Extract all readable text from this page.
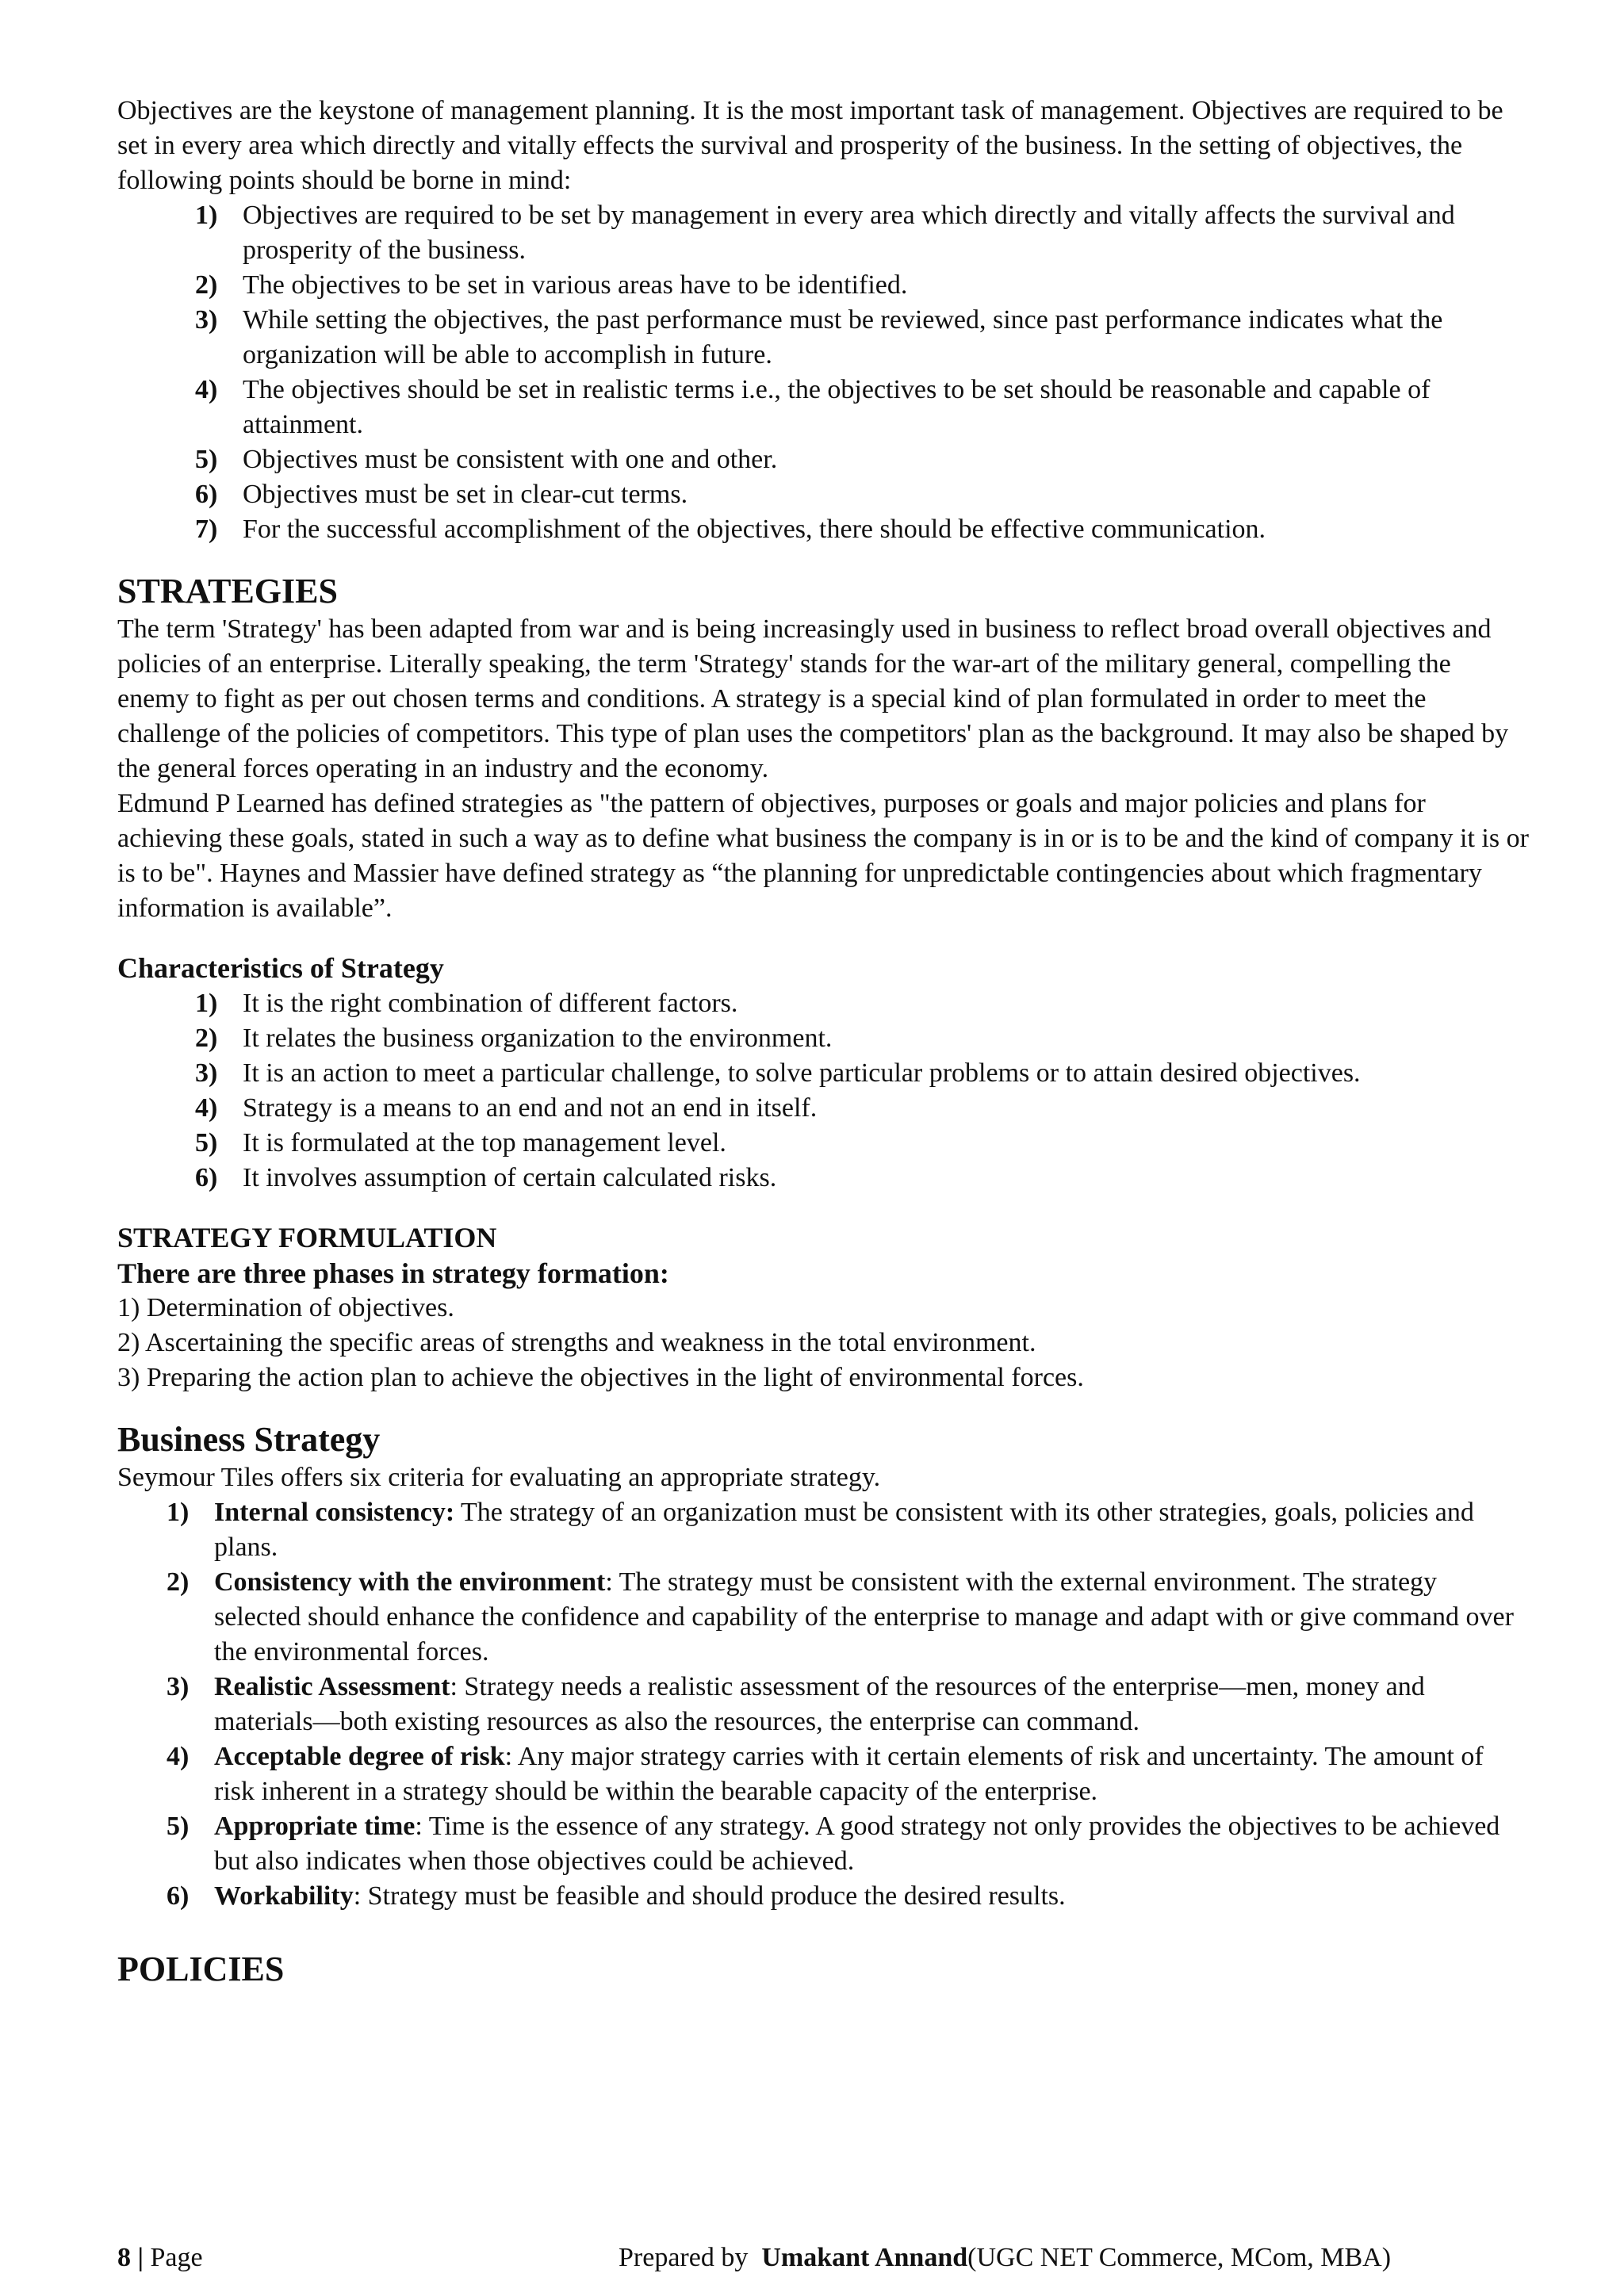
Objectives are the keystone of management planning. It is the most important task of management. Objectives are required to be set in every area which directly and vitally effects the survival and prosperity of the business. In the setting of objectives, the following points should be borne in mind:

1) Objectives are required to be set by management in every area which directly and vitally affects the survival and prosperity of the business.
2) The objectives to be set in various areas have to be identified.
3) While setting the objectives, the past performance must be reviewed, since past performance indicates what the organization will be able to accomplish in future.
4) The objectives should be set in realistic terms i.e., the objectives to be set should be reasonable and capable of attainment.
5) Objectives must be consistent with one and other.
6) Objectives must be set in clear-cut terms.
7) For the successful accomplishment of the objectives, there should be effective communication.
STRATEGIES

The term 'Strategy' has been adapted from war and is being increasingly used in business to reflect broad overall objectives and policies of an enterprise. Literally speaking, the term 'Strategy' stands for the war-art of the military general, compelling the enemy to fight as per out chosen terms and conditions. A strategy is a special kind of plan formulated in order to meet the challenge of the policies of competitors. This type of plan uses the competitors' plan as the background. It may also be shaped by the general forces operating in an industry and the economy.

Edmund P Learned has defined strategies as "the pattern of objectives, purposes or goals and major policies and plans for achieving these goals, stated in such a way as to define what business the company is in or is to be and the kind of company it is or is to be". Haynes and Massier have defined strategy as “the planning for unpredictable contingencies about which fragmentary information is available”.

Characteristics of Strategy
1) It is the right combination of different factors.
2) It relates the business organization to the environment.
3) It is an action to meet a particular challenge, to solve particular problems or to attain desired objectives.
4) Strategy is a means to an end and not an end in itself.
5) It is formulated at the top management level.
6) It involves assumption of certain calculated risks.
STRATEGY FORMULATION
There are three phases in strategy formation:
1) Determination of objectives.
2) Ascertaining the specific areas of strengths and weakness in the total environment.
3) Preparing the action plan to achieve the objectives in the light of environmental forces.
Business Strategy

Seymour Tiles offers six criteria for evaluating an appropriate strategy.

1) Internal consistency: The strategy of an organization must be consistent with its other strategies, goals, policies and plans.
2) Consistency with the environment: The strategy must be consistent with the external environment. The strategy selected should enhance the confidence and capability of the enterprise to manage and adapt with or give command over the environmental forces.
3) Realistic Assessment: Strategy needs a realistic assessment of the resources of the enterprise—men, money and materials—both existing resources as also the resources, the enterprise can command.
4) Acceptable degree of risk: Any major strategy carries with it certain elements of risk and uncertainty. The amount of risk inherent in a strategy should be within the bearable capacity of the enterprise.
5) Appropriate time: Time is the essence of any strategy. A good strategy not only provides the objectives to be achieved but also indicates when those objectives could be achieved.
6) Workability: Strategy must be feasible and should produce the desired results.
POLICIES
8 | Page	Prepared by  Umakant Annand(UGC NET Commerce, MCom, MBA)
